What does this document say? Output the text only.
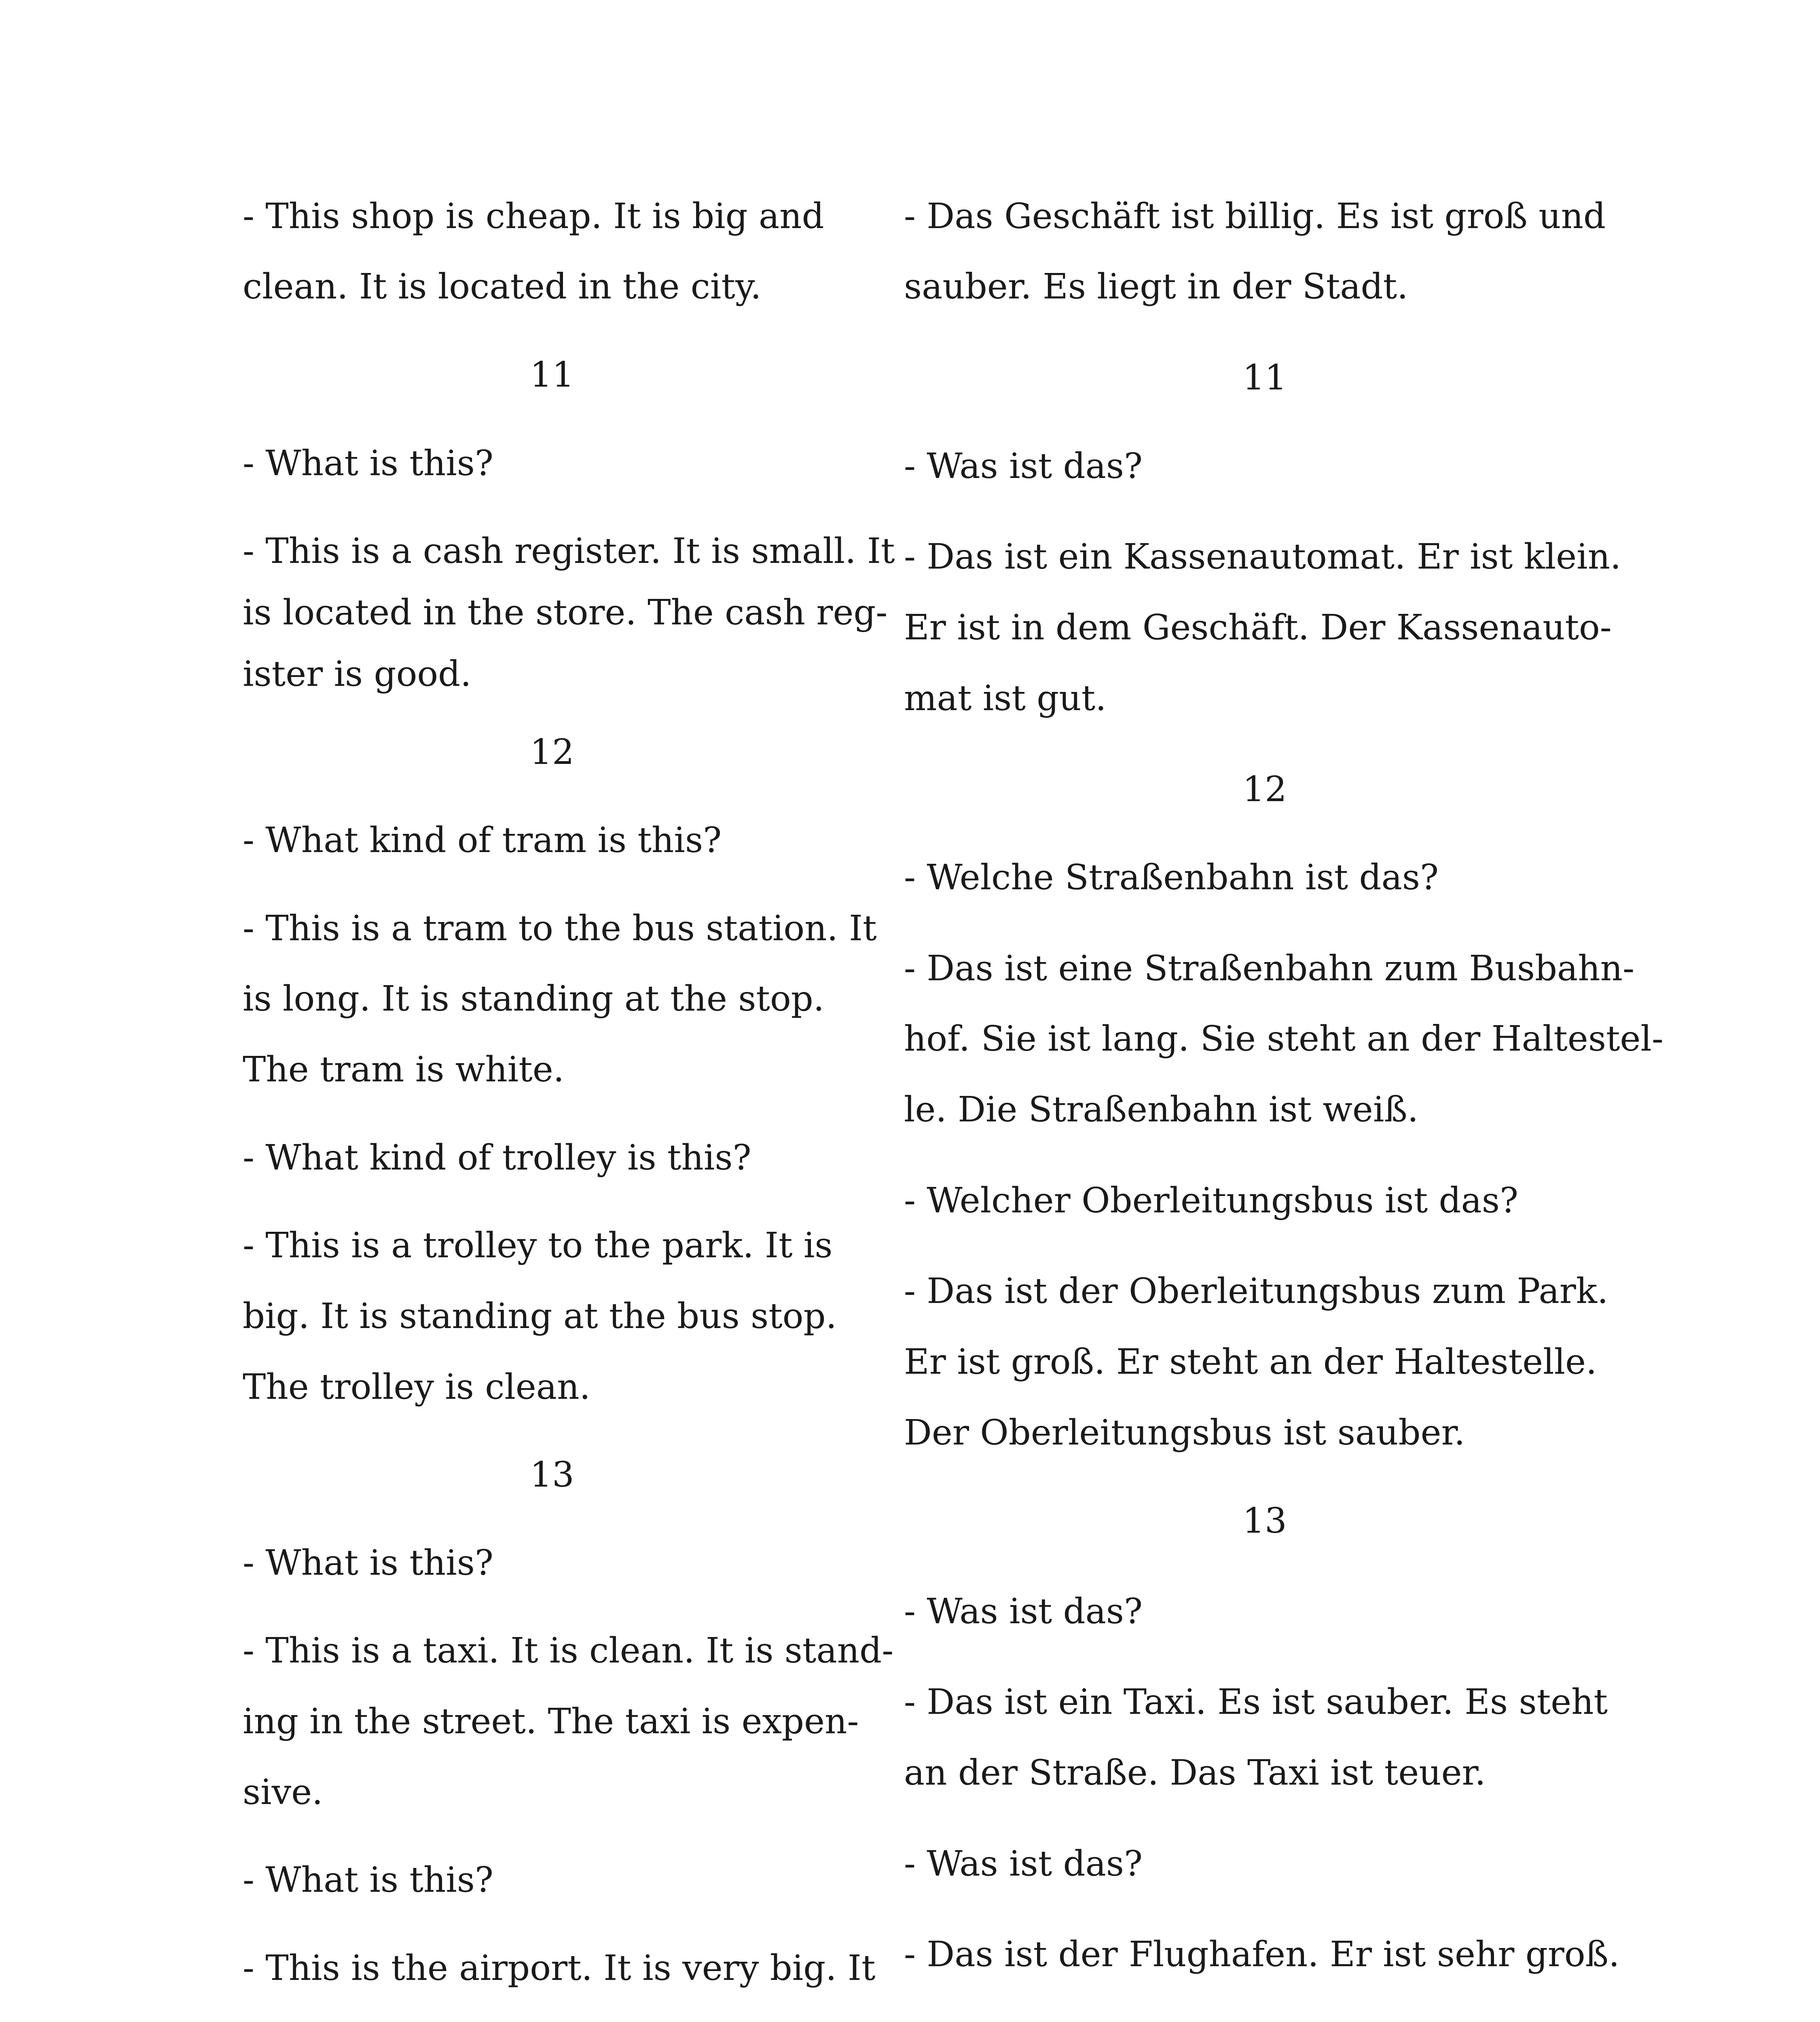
- This shop is cheap. It is big and

clean. It is located in the city.

11

- What is this?

- This is a cash register. It is small. It

is located in the store. The cash reg-

ister is good.

12

- What kind of tram is this?

- This is a tram to the bus station. It

is long. It is standing at the stop.

The tram is white.

- What kind of trolley is this?

- This is a trolley to the park. It is

big. It is standing at the bus stop.

The trolley is clean.

13

- What is this?

- This is a taxi. It is clean. It is stand-

ing in the street. The taxi is expen-

sive.

- What is this?

- This is the airport. It is very big. It

- Das Geschäft ist billig. Es ist groß und

sauber. Es liegt in der Stadt.

11

- Was ist das?

- Das ist ein Kassenautomat. Er ist klein.

Er ist in dem Geschäft. Der Kassenauto-

mat ist gut.

12

- Welche Straßenbahn ist das?

- Das ist eine Straßenbahn zum Busbahn-

hof. Sie ist lang. Sie steht an der Haltestel-

le. Die Straßenbahn ist weiß.

- Welcher Oberleitungsbus ist das?

- Das ist der Oberleitungsbus zum Park.

Er ist groß. Er steht an der Haltestelle.

Der Oberleitungsbus ist sauber.

13

- Was ist das?

- Das ist ein Taxi. Es ist sauber. Es steht

an der Straße. Das Taxi ist teuer.

- Was ist das?

- Das ist der Flughafen. Er ist sehr groß.
